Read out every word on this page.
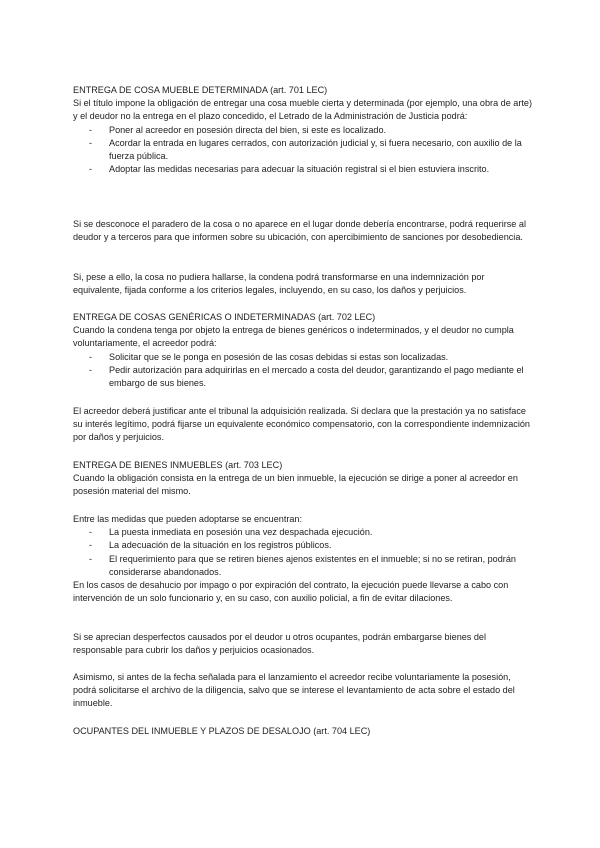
ENTREGA DE COSA MUEBLE DETERMINADA (art. 701 LEC)

Si el título impone la obligación de entregar una cosa mueble cierta y determinada (por ejemplo, una obra de arte) y el deudor no la entrega en el plazo concedido, el Letrado de la Administración de Justicia podrá:

- Poner al acreedor en posesión directa del bien, si este es localizado.
- Acordar la entrada en lugares cerrados, con autorización judicial y, si fuera necesario, con auxilio de la fuerza pública.
- Adoptar las medidas necesarias para adecuar la situación registral si el bien estuviera inscrito.

Si se desconoce el paradero de la cosa o no aparece en el lugar donde debería encontrarse, podrá requerirse al deudor y a terceros para que informen sobre su ubicación, con apercibimiento de sanciones por desobediencia.

Si, pese a ello, la cosa no pudiera hallarse, la condena podrá transformarse en una indemnización por equivalente, fijada conforme a los criterios legales, incluyendo, en su caso, los daños y perjuicios.

ENTREGA DE COSAS GENÉRICAS O INDETERMINADAS (art. 702 LEC)

Cuando la condena tenga por objeto la entrega de bienes genéricos o indeterminados, y el deudor no cumpla voluntariamente, el acreedor podrá:

- Solicitar que se le ponga en posesión de las cosas debidas si estas son localizadas.
- Pedir autorización para adquirirlas en el mercado a costa del deudor, garantizando el pago mediante el embargo de sus bienes.

El acreedor deberá justificar ante el tribunal la adquisición realizada. Si declara que la prestación ya no satisface su interés legítimo, podrá fijarse un equivalente económico compensatorio, con la correspondiente indemnización por daños y perjuicios.

ENTREGA DE BIENES INMUEBLES (art. 703 LEC)

Cuando la obligación consista en la entrega de un bien inmueble, la ejecución se dirige a poner al acreedor en posesión material del mismo.

Entre las medidas que pueden adoptarse se encuentran:

- La puesta inmediata en posesión una vez despachada ejecución.
- La adecuación de la situación en los registros públicos.
- El requerimiento para que se retiren bienes ajenos existentes en el inmueble; si no se retiran, podrán considerarse abandonados.

En los casos de desahucio por impago o por expiración del contrato, la ejecución puede llevarse a cabo con intervención de un solo funcionario y, en su caso, con auxilio policial, a fin de evitar dilaciones.

Si se aprecian desperfectos causados por el deudor u otros ocupantes, podrán embargarse bienes del responsable para cubrir los daños y perjuicios ocasionados.

Asimismo, si antes de la fecha señalada para el lanzamiento el acreedor recibe voluntariamente la posesión, podrá solicitarse el archivo de la diligencia, salvo que se interese el levantamiento de acta sobre el estado del inmueble.

OCUPANTES DEL INMUEBLE Y PLAZOS DE DESALOJO (art. 704 LEC)
